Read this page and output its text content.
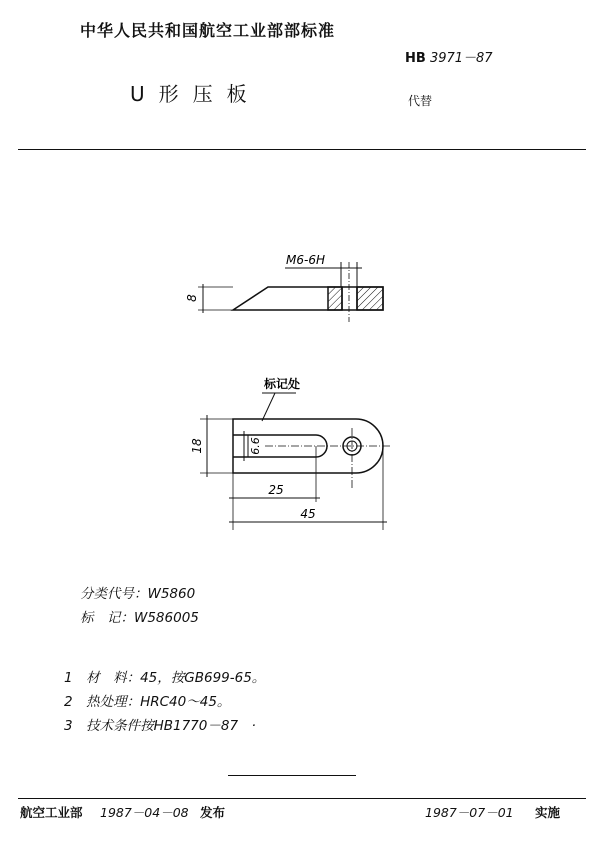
中华人民共和国航空工业部部标准
HB 3971－87
U形压板	代替
M6-6H
8
标记处
18	6.6
25
45
分类代号：W5860
标　记：W586005
1　材　料：45，按GB699-65。
2　热处理：HRC40～45。
3　技术条件按HB1770－87　·
航空工业部 1987－04－08 发布	1987－07－01 实施
